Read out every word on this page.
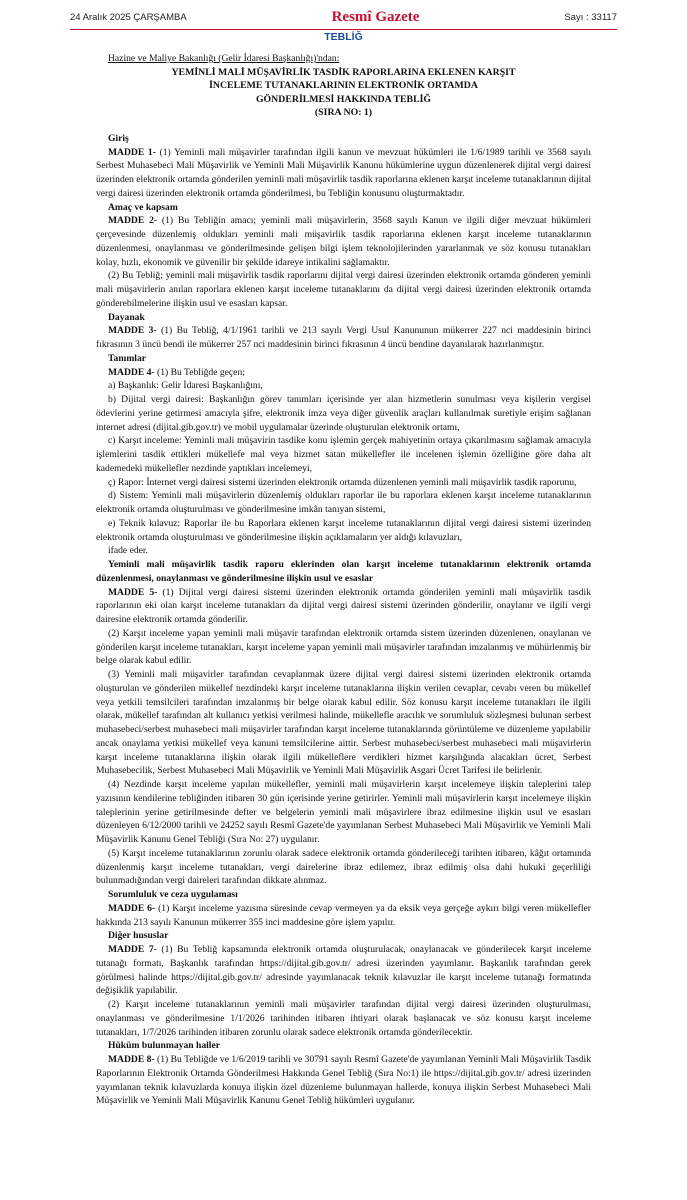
24 Aralık 2025 ÇARŞAMBA	Resmî Gazete	Sayı : 33117
TEBLİĞ

Hazine ve Maliye Bakanlığı (Gelir İdaresi Başkanlığı)'ndan:

YEMİNLİ MALİ MÜŞAVİRLİK TASDİK RAPORLARINA EKLENEN KARŞIT
İNCELEME TUTANAKLARININ ELEKTRONİK ORTAMDA
GÖNDERİLMESİ HAKKINDA TEBLİĞ
(SIRA NO: 1)
Giriş

MADDE 1- (1) Yeminli mali müşavirler tarafından ilgili kanun ve mevzuat hükümleri ile 1/6/1989 tarihli ve 3568 sayılı Serbest Muhasebeci Mali Müşavirlik ve Yeminli Mali Müşavirlik Kanunu hükümlerine uygun düzenlenerek dijital vergi dairesi üzerinden elektronik ortamda gönderilen yeminli mali müşavirlik tasdik raporlarına eklenen karşıt inceleme tutanaklarının dijital vergi dairesi üzerinden elektronik ortamda gönderilmesi, bu Tebliğin konusunu oluşturmaktadır.

Amaç ve kapsam

MADDE 2- (1) Bu Tebliğin amacı; yeminli mali müşavirlerin, 3568 sayılı Kanun ve ilgili diğer mevzuat hükümleri çerçevesinde düzenlemiş oldukları yeminli mali müşavirlik tasdik raporlarına eklenen karşıt inceleme tutanaklarının düzenlenmesi, onaylanması ve gönderilmesinde gelişen bilgi işlem teknolojilerinden yararlanmak ve söz konusu tutanakları kolay, hızlı, ekonomik ve güvenilir bir şekilde idareye intikalini sağlamaktır.

(2) Bu Tebliğ; yeminli mali müşavirlik tasdik raporlarını dijital vergi dairesi üzerinden elektronik ortamda gönderen yeminli mali müşavirlerin anılan raporlara eklenen karşıt inceleme tutanaklarını da dijital vergi dairesi üzerinden elektronik ortamda gönderebilmelerine ilişkin usul ve esasları kapsar.

Dayanak

MADDE 3- (1) Bu Tebliğ, 4/1/1961 tarihli ve 213 sayılı Vergi Usul Kanununun mükerrer 227 nci maddesinin birinci fıkrasının 3 üncü bendi ile mükerrer 257 nci maddesinin birinci fıkrasının 4 üncü bendine dayanılarak hazırlanmıştır.

Tanımlar

MADDE 4- (1) Bu Tebliğde geçen;

a) Başkanlık: Gelir İdaresi Başkanlığını,

b) Dijital vergi dairesi: Başkanlığın görev tanımları içerisinde yer alan hizmetlerin sunulması veya kişilerin vergisel ödevlerini yerine getirmesi amacıyla şifre, elektronik imza veya diğer güvenlik araçları kullanılmak suretiyle erişim sağlanan internet adresi (dijital.gib.gov.tr) ve mobil uygulamalar üzerinde oluşturulan elektronik ortamı,

c) Karşıt inceleme: Yeminli mali müşavirin tasdike konu işlemin gerçek mahiyetinin ortaya çıkarılmasını sağlamak amacıyla işlemlerini tasdik ettikleri mükellefe mal veya hizmet satan mükellefler ile incelenen işlemin özelliğine göre daha alt kademedeki mükellefler nezdinde yaptıkları incelemeyi,

ç) Rapor: İnternet vergi dairesi sistemi üzerinden elektronik ortamda düzenlenen yeminli mali müşavirlik tasdik raporunu,

d) Sistem: Yeminli mali müşavirlerin düzenlemiş oldukları raporlar ile bu raporlara eklenen karşıt inceleme tutanaklarının elektronik ortamda oluşturulması ve gönderilmesine imkân tanıyan sistemi,

e) Teknik kılavuz: Raporlar ile bu Raporlara eklenen karşıt inceleme tutanaklarının dijital vergi dairesi sistemi üzerinden elektronik ortamda oluşturulması ve gönderilmesine ilişkin açıklamaların yer aldığı kılavuzları,

ifade eder.

Yeminli mali müşavirlik tasdik raporu eklerinden olan karşıt inceleme tutanaklarının elektronik ortamda düzenlenmesi, onaylanması ve gönderilmesine ilişkin usul ve esaslar

MADDE 5- (1) Dijital vergi dairesi sistemi üzerinden elektronik ortamda gönderilen yeminli mali müşavirlik tasdik raporlarının eki olan karşıt inceleme tutanakları da dijital vergi dairesi sistemi üzerinden gönderilir, onaylanır ve ilgili vergi dairesine elektronik ortamda gönderilir.

(2) Karşıt inceleme yapan yeminli mali müşavir tarafından elektronik ortamda sistem üzerinden düzenlenen, onaylanan ve gönderilen karşıt inceleme tutanakları, karşıt inceleme yapan yeminli mali müşavirler tarafından imzalanmış ve mühürlenmiş bir belge olarak kabul edilir.

(3) Yeminli mali müşavirler tarafından cevaplanmak üzere dijital vergi dairesi sistemi üzerinden elektronik ortamda oluşturulan ve gönderilen mükellef nezdindeki karşıt inceleme tutanaklarına ilişkin verilen cevaplar, cevabı veren bu mükellef veya yetkili temsilcileri tarafından imzalanmış bir belge olarak kabul edilir. Söz konusu karşıt inceleme tutanakları ile ilgili olarak, mükellef tarafından alt kullanıcı yetkisi verilmesi halinde, mükellefle aracılık ve sorumluluk sözleşmesi bulunan serbest muhasebeci/serbest muhasebeci mali müşavirler tarafından karşıt inceleme tutanaklarında görüntüleme ve düzenleme yapılabilir ancak onaylama yetkisi mükellef veya kanuni temsilcilerine aittir. Serbest muhasebeci/serbest muhasebeci mali müşavirlerin karşıt inceleme tutanaklarına ilişkin olarak ilgili mükelleflere verdikleri hizmet karşılığında alacakları ücret, Serbest Muhasebecilik, Serbest Muhasebeci Mali Müşavirlik ve Yeminli Mali Müşavirlik Asgari Ücret Tarifesi ile belirlenir.

(4) Nezdinde karşıt inceleme yapılan mükellefler, yeminli mali müşavirlerin karşıt incelemeye ilişkin taleplerini talep yazısının kendilerine tebliğinden itibaren 30 gün içerisinde yerine getirirler. Yeminli mali müşavirlerin karşıt incelemeye ilişkin taleplerinin yerine getirilmesinde defter ve belgelerin yeminli mali müşavirlere ibraz edilmesine ilişkin usul ve esasları düzenleyen 6/12/2000 tarihli ve 24252 sayılı Resmî Gazete'de yayımlanan Serbest Muhasebeci Mali Müşavirlik ve Yeminli Mali Müşavirlik Kanunu Genel Tebliği (Sıra No: 27) uygulanır.

(5) Karşıt inceleme tutanaklarının zorunlu olarak sadece elektronik ortamda gönderileceği tarihten itibaren, kâğıt ortamında düzenlenmiş karşıt inceleme tutanakları, vergi dairelerine ibraz edilemez, ibraz edilmiş olsa dahi hukuki geçerliliği bulunmadığından vergi daireleri tarafından dikkate alınmaz.

Sorumluluk ve ceza uygulaması

MADDE 6- (1) Karşıt inceleme yazısına süresinde cevap vermeyen ya da eksik veya gerçeğe aykırı bilgi veren mükellefler hakkında 213 sayılı Kanunun mükerrer 355 inci maddesine göre işlem yapılır.

Diğer hususlar

MADDE 7- (1) Bu Tebliğ kapsamında elektronik ortamda oluşturulacak, onaylanacak ve gönderilecek karşıt inceleme tutanağı formatı, Başkanlık tarafından https://dijital.gib.gov.tr/ adresi üzerinden yayımlanır. Başkanlık tarafından gerek görülmesi halinde https://dijital.gib.gov.tr/ adresinde yayımlanacak teknik kılavuzlar ile karşıt inceleme tutanağı formatında değişiklik yapılabilir.

(2) Karşıt inceleme tutanaklarının yeminli mali müşavirler tarafından dijital vergi dairesi üzerinden oluşturulması, onaylanması ve gönderilmesine 1/1/2026 tarihinden itibaren ihtiyari olarak başlanacak ve söz konusu karşıt inceleme tutanakları, 1/7/2026 tarihinden itibaren zorunlu olarak sadece elektronik ortamda gönderilecektir.

Hüküm bulunmayan haller

MADDE 8- (1) Bu Tebliğde ve 1/6/2019 tarihli ve 30791 sayılı Resmî Gazete'de yayımlanan Yeminli Mali Müşavirlik Tasdik Raporlarının Elektronik Ortamda Gönderilmesi Hakkında Genel Tebliğ (Sıra No:1) ile https://dijital.gib.gov.tr/ adresi üzerinden yayımlanan teknik kılavuzlarda konuya ilişkin özel düzenleme bulunmayan hallerde, konuya ilişkin Serbest Muhasebeci Mali Müşavirlik ve Yeminli Mali Müşavirlik Kanunu Genel Tebliğ hükümleri uygulanır.
